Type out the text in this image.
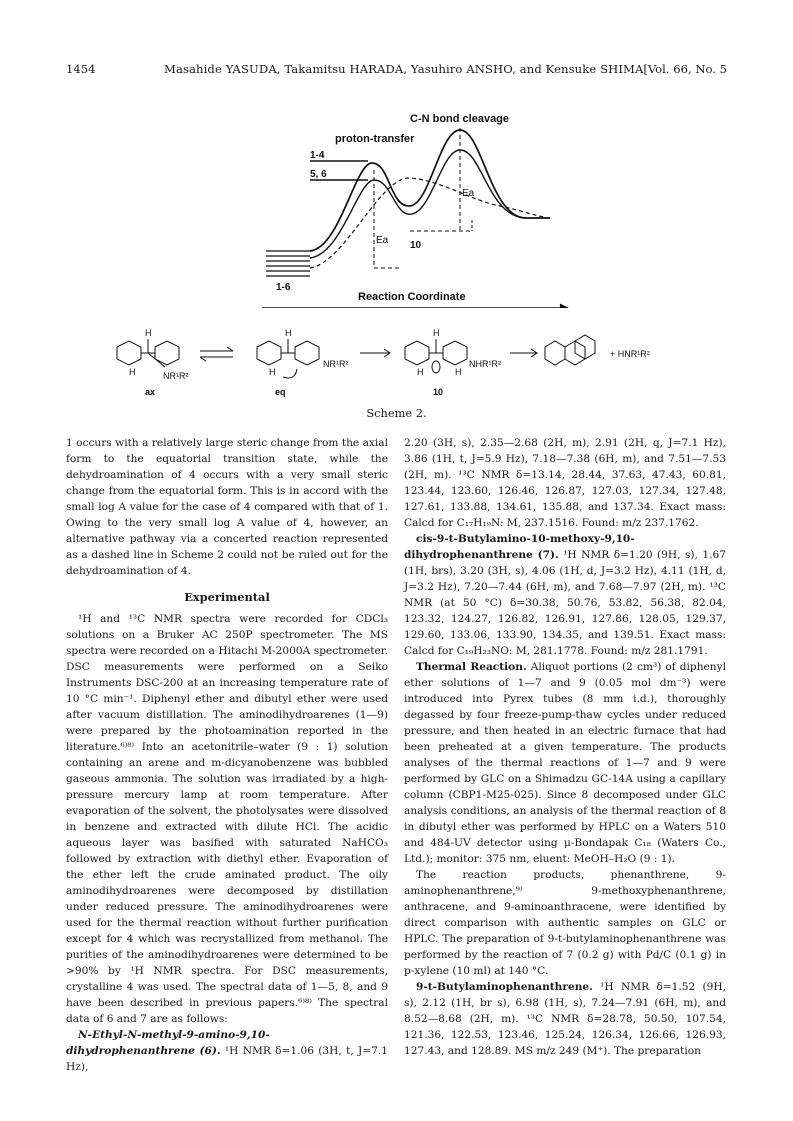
1454	Masahide YASUDA, Takamitsu HARADA, Yasuhiro ANSHO, and Kensuke SHIMA [Vol. 66, No. 5
C-N bond cleavage
proton-transfer
1-4
5, 6
Ea
Ea 10
1-6
Reaction Coordinate
H
H	NR¹R²
ax
H
H
NR¹R²
eq
H
H
NHR¹R²
10
H
+ HNR¹R²
Scheme 2.

1 occurs with a relatively large steric change from the axial form to the equatorial transition state, while the dehydroamination of 4 occurs with a very small steric change from the equatorial form. This is in accord with the small log A value for the case of 4 compared with that of 1. Owing to the very small log A value of 4, however, an alternative pathway via a concerted reaction represented as a dashed line in Scheme 2 could not be ruled out for the dehydroamination of 4.

Experimental

¹H and ¹³C NMR spectra were recorded for CDCl₃ solutions on a Bruker AC 250P spectrometer. The MS spectra were recorded on a Hitachi M-2000A spectrometer. DSC measurements were performed on a Seiko Instruments DSC-200 at an increasing temperature rate of 10 °C min⁻¹. Diphenyl ether and dibutyl ether were used after vacuum distillation. The aminodihydroarenes (1—9) were prepared by the photoamination reported in the literature.⁶⁾⁸⁾ Into an acetonitrile–water (9 : 1) solution containing an arene and m-dicyanobenzene was bubbled gaseous ammonia. The solution was irradiated by a high-pressure mercury lamp at room temperature. After evaporation of the solvent, the photolysates were dissolved in benzene and extracted with dilute HCl. The acidic aqueous layer was basified with saturated NaHCO₃ followed by extraction with diethyl ether. Evaporation of the ether left the crude aminated product. The oily aminodihydroarenes were decomposed by distillation under reduced pressure. The aminodihydroarenes were used for the thermal reaction without further purification except for 4 which was recrystallized from methanol. The purities of the aminodihydroarenes were determined to be >90% by ¹H NMR spectra. For DSC measurements, crystalline 4 was used. The spectral data of 1—5, 8, and 9 have been described in previous papers.⁶⁾⁸⁾ The spectral data of 6 and 7 are as follows:

N-Ethyl-N-methyl-9-amino-9,10-dihydrophenanthrene (6). ¹H NMR δ=1.06 (3H, t, J=7.1 Hz),

2.20 (3H, s), 2.35—2.68 (2H, m), 2.91 (2H, q, J=7.1 Hz), 3.86 (1H, t, J=5.9 Hz), 7.18—7.38 (6H, m), and 7.51—7.53 (2H, m). ¹³C NMR δ=13.14, 28.44, 37.63, 47.43, 60.81, 123.44, 123.60, 126.46, 126.87, 127.03, 127.34, 127.48, 127.61, 133.88, 134.61, 135.88, and 137.34. Exact mass: Calcd for C₁₇H₁₉N: M, 237.1516. Found: m/z 237.1762.

cis-9-t-Butylamino-10-methoxy-9,10-dihydrophenanthrene (7). ¹H NMR δ=1.20 (9H, s), 1.67 (1H, brs), 3.20 (3H, s), 4.06 (1H, d, J=3.2 Hz), 4.11 (1H, d, J=3.2 Hz), 7.20—7.44 (6H, m), and 7.68—7.97 (2H, m). ¹³C NMR (at 50 °C) δ=30.38, 50.76, 53.82, 56.38, 82.04, 123.32, 124.27, 126.82, 126.91, 127.86, 128.05, 129.37, 129.60, 133.06, 133.90, 134.35, and 139.51. Exact mass: Calcd for C₁₉H₂₃NO: M, 281.1778. Found: m/z 281.1791.

Thermal Reaction. Aliquot portions (2 cm³) of diphenyl ether solutions of 1—7 and 9 (0.05 mol dm⁻³) were introduced into Pyrex tubes (8 mm i.d.), thoroughly degassed by four freeze-pump-thaw cycles under reduced pressure, and then heated in an electric furnace that had been preheated at a given temperature. The products analyses of the thermal reactions of 1—7 and 9 were performed by GLC on a Shimadzu GC-14A using a capillary column (CBP1-M25-025). Since 8 decomposed under GLC analysis conditions, an analysis of the thermal reaction of 8 in dibutyl ether was performed by HPLC on a Waters 510 and 484-UV detector using μ-Bondapak C₁₈ (Waters Co., Ltd.); monitor: 375 nm, eluent: MeOH–H₂O (9 : 1).

The reaction products, phenanthrene, 9-aminophenanthrene,⁹⁾ 9-methoxyphenanthrene, anthracene, and 9-aminoanthracene, were identified by direct comparison with authentic samples on GLC or HPLC. The preparation of 9-t-butylaminophenanthrene was performed by the reaction of 7 (0.2 g) with Pd/C (0.1 g) in p-xylene (10 ml) at 140 °C.

9-t-Butylaminophenanthrene. ¹H NMR δ=1.52 (9H, s), 2.12 (1H, br s), 6.98 (1H, s), 7.24—7.91 (6H, m), and 8.52—8.68 (2H, m). ¹³C NMR δ=28.78, 50.50, 107.54, 121.36, 122.53, 123.46, 125.24, 126.34, 126.66, 126.93, 127.43, and 128.89. MS m/z 249 (M⁺). The preparation
